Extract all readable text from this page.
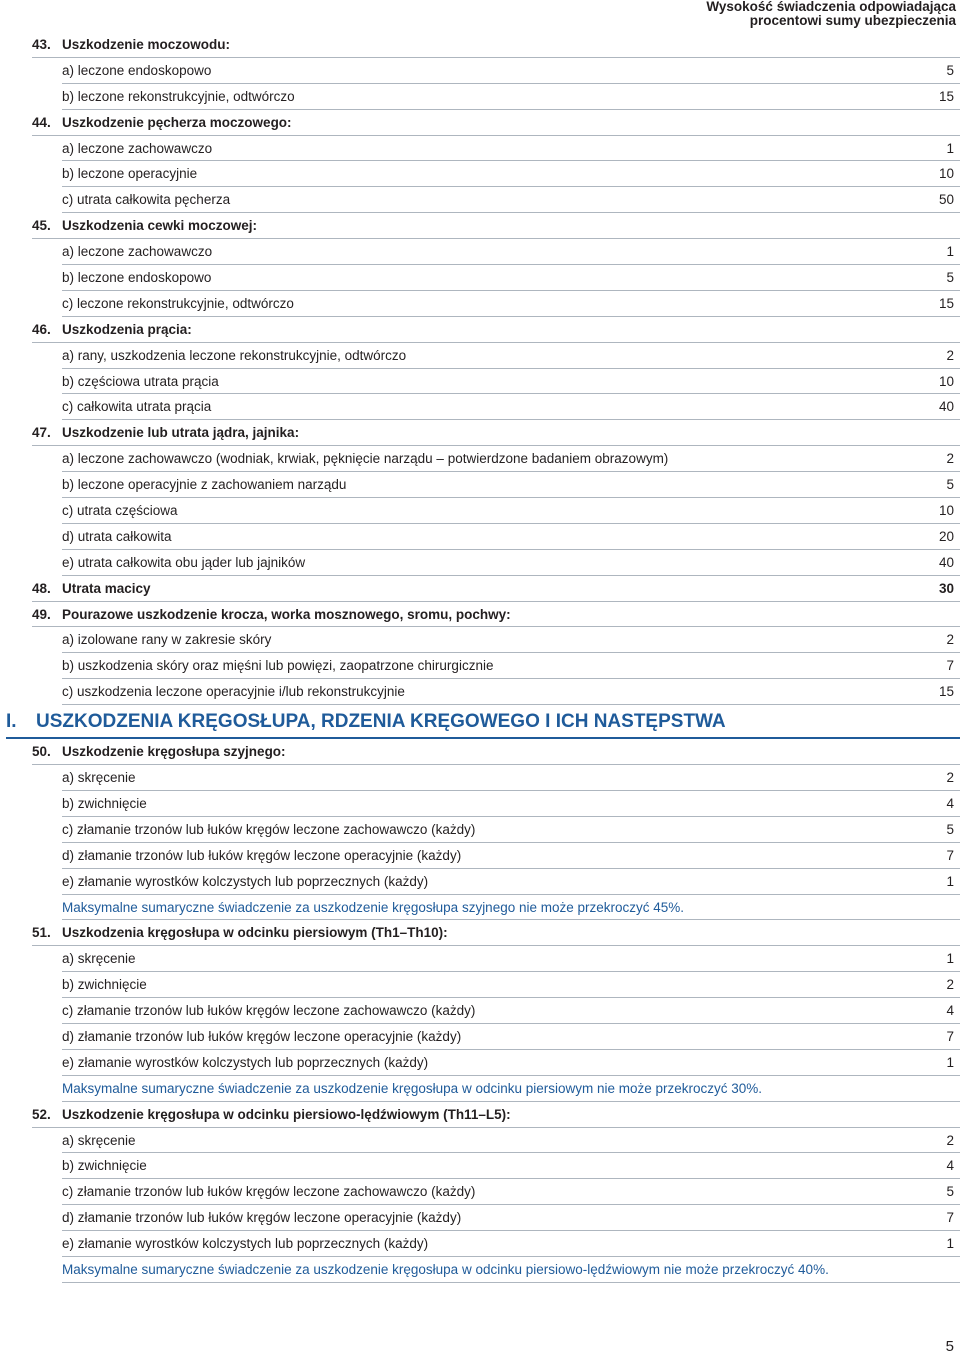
Wysokość świadczenia odpowiadająca
procentowi sumy ubezpieczenia
43. Uszkodzenie moczowodu:
a) leczone endoskopowo	5
b) leczone rekonstrukcyjnie, odtwórczo	15
44. Uszkodzenie pęcherza moczowego:
a) leczone zachowawczo	1
b) leczone operacyjnie	10
c) utrata całkowita pęcherza	50
45. Uszkodzenia cewki moczowej:
a) leczone zachowawczo	1
b) leczone endoskopowo	5
c) leczone rekonstrukcyjnie, odtwórczo	15
46. Uszkodzenia prącia:
a) rany, uszkodzenia leczone rekonstrukcyjnie, odtwórczo	2
b) częściowa utrata prącia	10
c) całkowita utrata prącia	40
47. Uszkodzenie lub utrata jądra, jajnika:
a) leczone zachowawczo (wodniak, krwiak, pęknięcie narządu – potwierdzone badaniem obrazowym)	2
b) leczone operacyjnie z zachowaniem narządu	5
c) utrata częściowa	10
d) utrata całkowita	20
e) utrata całkowita obu jąder lub jajników	40
48. Utrata macicy	30
49. Pourazowe uszkodzenie krocza, worka mosznowego, sromu, pochwy:
a) izolowane rany w zakresie skóry	2
b) uszkodzenia skóry oraz mięśni lub powięzi, zaopatrzone chirurgicznie	7
c) uszkodzenia leczone operacyjnie i/lub rekonstrukcyjnie	15
I. USZKODZENIA KRĘGOSŁUPA, RDZENIA KRĘGOWEGO I ICH NASTĘPSTWA
50. Uszkodzenie kręgosłupa szyjnego:
a) skręcenie	2
b) zwichnięcie	4
c) złamanie trzonów lub łuków kręgów leczone zachowawczo (każdy)	5
d) złamanie trzonów lub łuków kręgów leczone operacyjnie (każdy)	7
e) złamanie wyrostków kolczystych lub poprzecznych (każdy)	1
Maksymalne sumaryczne świadczenie za uszkodzenie kręgosłupa szyjnego nie może przekroczyć 45%.
51. Uszkodzenia kręgosłupa w odcinku piersiowym (Th1–Th10):
a) skręcenie	1
b) zwichnięcie	2
c) złamanie trzonów lub łuków kręgów leczone zachowawczo (każdy)	4
d) złamanie trzonów lub łuków kręgów leczone operacyjnie (każdy)	7
e) złamanie wyrostków kolczystych lub poprzecznych (każdy)	1
Maksymalne sumaryczne świadczenie za uszkodzenie kręgosłupa w odcinku piersiowym nie może przekroczyć 30%.
52. Uszkodzenie kręgosłupa w odcinku piersiowo-lędźwiowym (Th11–L5):
a) skręcenie	2
b) zwichnięcie	4
c) złamanie trzonów lub łuków kręgów leczone zachowawczo (każdy)	5
d) złamanie trzonów lub łuków kręgów leczone operacyjnie (każdy)	7
e) złamanie wyrostków kolczystych lub poprzecznych (każdy)	1
Maksymalne sumaryczne świadczenie za uszkodzenie kręgosłupa w odcinku piersiowo-lędźwiowym nie może przekroczyć 40%.
5
